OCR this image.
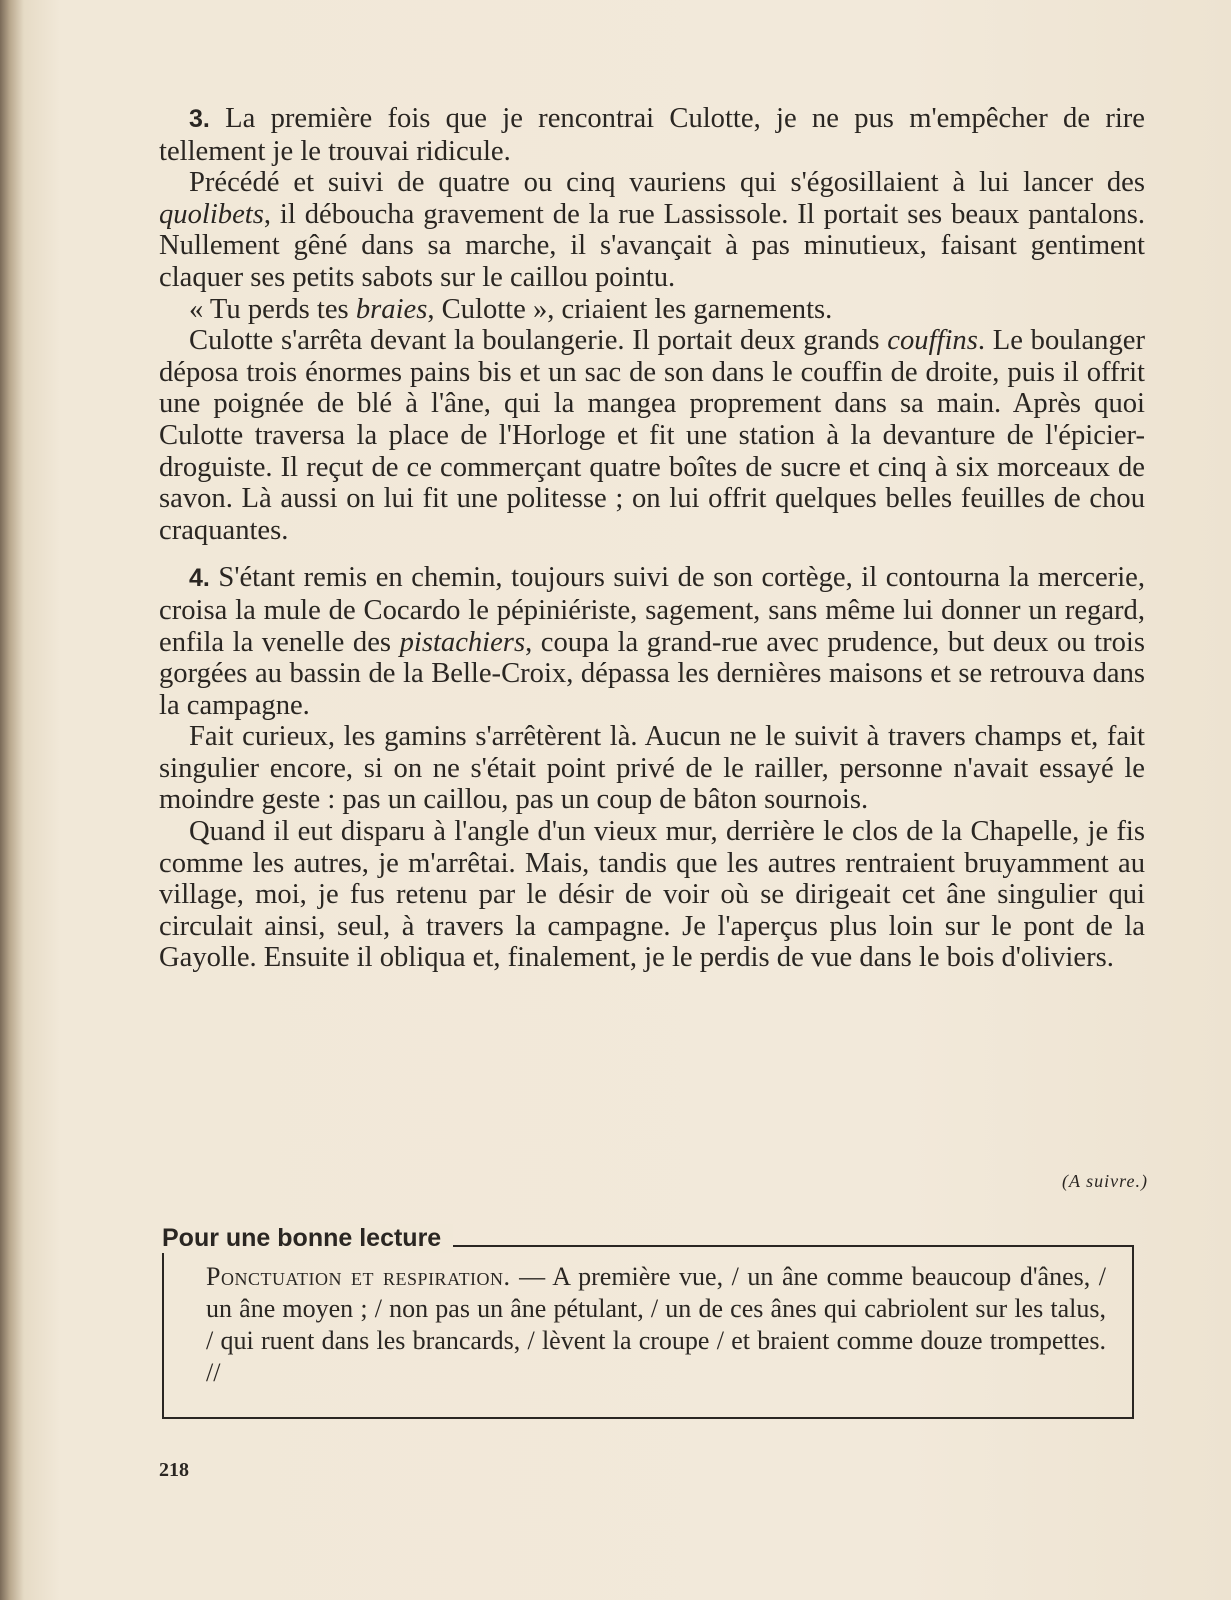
3. La première fois que je rencontrai Culotte, je ne pus m'empêcher de rire tellement je le trouvai ridicule.

Précédé et suivi de quatre ou cinq vauriens qui s'égosillaient à lui lancer des quolibets, il déboucha gravement de la rue Lassissole. Il portait ses beaux pantalons. Nullement gêné dans sa marche, il s'avançait à pas minutieux, faisant gentiment claquer ses petits sabots sur le caillou pointu.

« Tu perds tes braies, Culotte », criaient les garnements.

Culotte s'arrêta devant la boulangerie. Il portait deux grands couffins. Le boulanger déposa trois énormes pains bis et un sac de son dans le couffin de droite, puis il offrit une poignée de blé à l'âne, qui la mangea proprement dans sa main. Après quoi Culotte traversa la place de l'Horloge et fit une station à la devanture de l'épicier-droguiste. Il reçut de ce commerçant quatre boîtes de sucre et cinq à six morceaux de savon. Là aussi on lui fit une politesse ; on lui offrit quelques belles feuilles de chou craquantes.

4. S'étant remis en chemin, toujours suivi de son cortège, il contourna la mercerie, croisa la mule de Cocardo le pépiniériste, sagement, sans même lui donner un regard, enfila la venelle des pistachiers, coupa la grand-rue avec prudence, but deux ou trois gorgées au bassin de la Belle-Croix, dépassa les dernières maisons et se retrouva dans la campagne.

Fait curieux, les gamins s'arrêtèrent là. Aucun ne le suivit à travers champs et, fait singulier encore, si on ne s'était point privé de le railler, personne n'avait essayé le moindre geste : pas un caillou, pas un coup de bâton sournois.

Quand il eut disparu à l'angle d'un vieux mur, derrière le clos de la Chapelle, je fis comme les autres, je m'arrêtai. Mais, tandis que les autres rentraient bruyamment au village, moi, je fus retenu par le désir de voir où se dirigeait cet âne singulier qui circulait ainsi, seul, à travers la campagne. Je l'aperçus plus loin sur le pont de la Gayolle. Ensuite il obliqua et, finalement, je le perdis de vue dans le bois d'oliviers.

(A suivre.)
Pour une bonne lecture
Ponctuation et respiration. — A première vue, / un âne comme beaucoup d'ânes, / un âne moyen ; / non pas un âne pétulant, / un de ces ânes qui cabriolent sur les talus, / qui ruent dans les brancards, / lèvent la croupe / et braient comme douze trompettes. //
218
